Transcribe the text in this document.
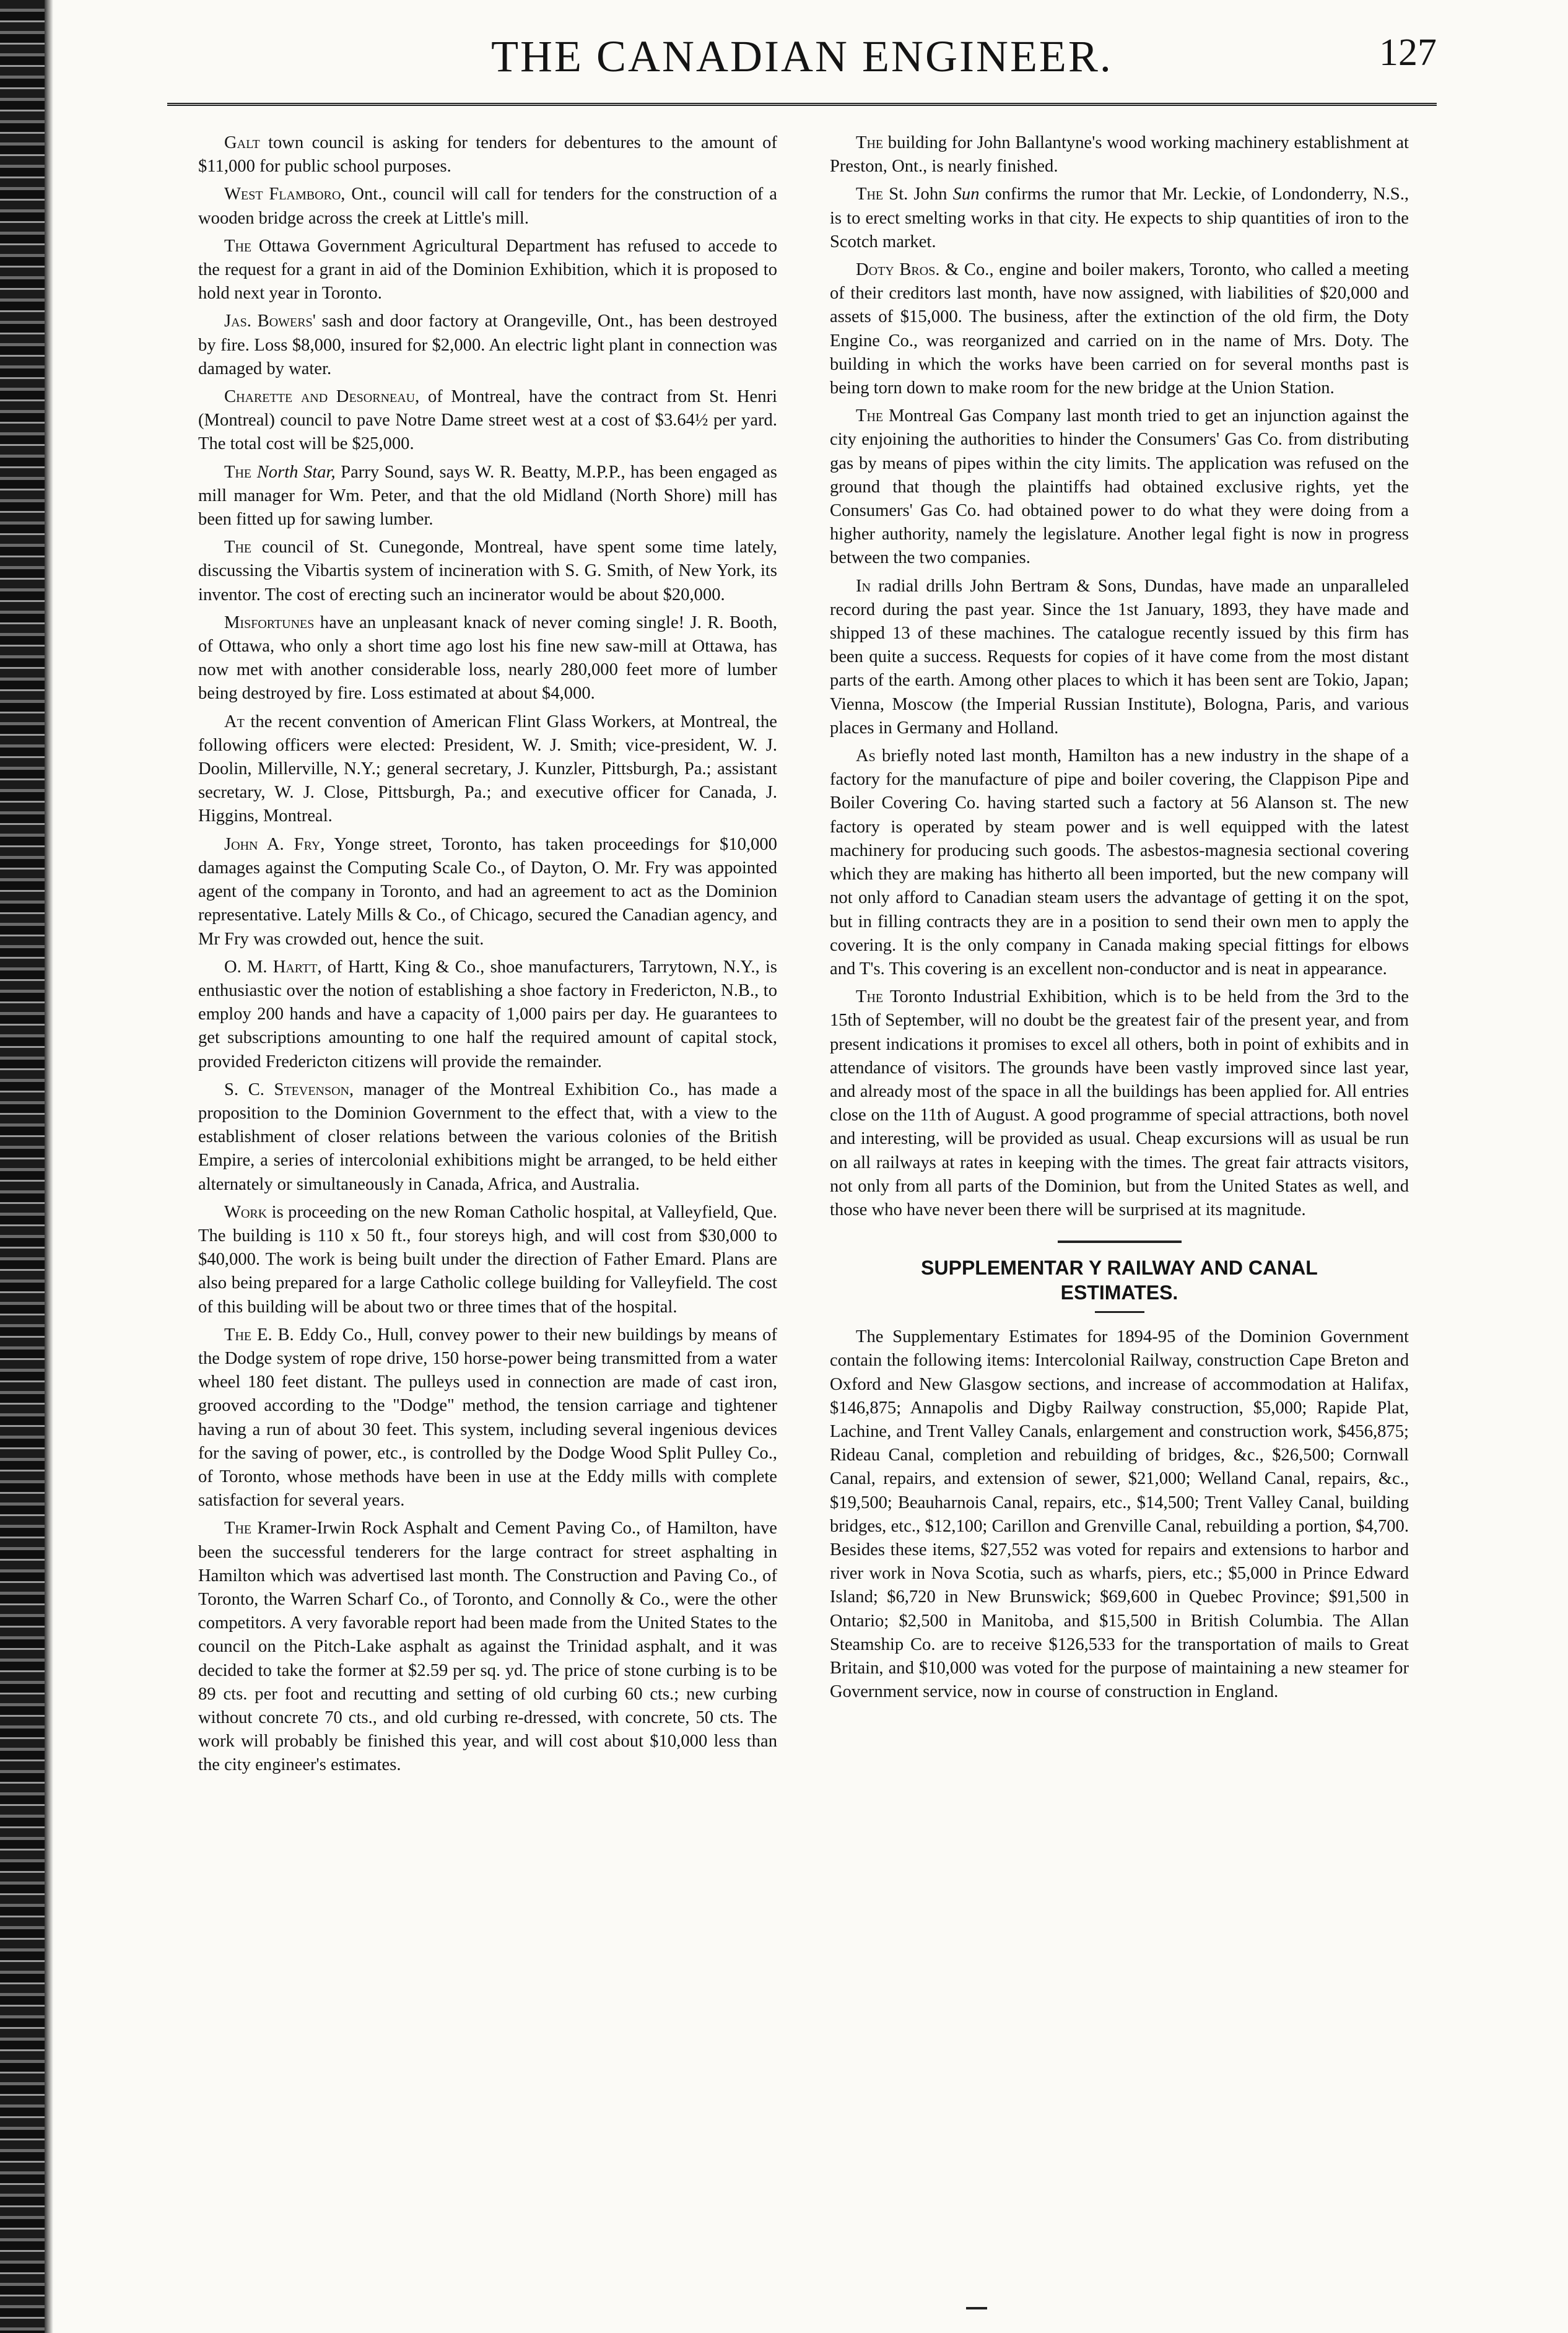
THE CANADIAN ENGINEER.	127

Galt town council is asking for tenders for debentures to the amount of $11,000 for public school purposes.

West Flamboro, Ont., council will call for tenders for the construction of a wooden bridge across the creek at Little's mill.

The Ottawa Government Agricultural Department has refused to accede to the request for a grant in aid of the Dominion Exhibition, which it is proposed to hold next year in Toronto.

Jas. Bowers' sash and door factory at Orangeville, Ont., has been destroyed by fire. Loss $8,000, insured for $2,000. An electric light plant in connection was damaged by water.

Charette and Desorneau, of Montreal, have the contract from St. Henri (Montreal) council to pave Notre Dame street west at a cost of $3.64½ per yard. The total cost will be $25,000.

The North Star, Parry Sound, says W. R. Beatty, M.P.P., has been engaged as mill manager for Wm. Peter, and that the old Midland (North Shore) mill has been fitted up for sawing lumber.

The council of St. Cunegonde, Montreal, have spent some time lately, discussing the Vibartis system of incineration with S. G. Smith, of New York, its inventor. The cost of erecting such an incinerator would be about $20,000.

Misfortunes have an unpleasant knack of never coming single! J. R. Booth, of Ottawa, who only a short time ago lost his fine new saw-mill at Ottawa, has now met with another considerable loss, nearly 280,000 feet more of lumber being destroyed by fire. Loss estimated at about $4,000.

At the recent convention of American Flint Glass Workers, at Montreal, the following officers were elected: President, W. J. Smith; vice-president, W. J. Doolin, Millerville, N.Y.; general secretary, J. Kunzler, Pittsburgh, Pa.; assistant secretary, W. J. Close, Pittsburgh, Pa.; and executive officer for Canada, J. Higgins, Montreal.

John A. Fry, Yonge street, Toronto, has taken proceedings for $10,000 damages against the Computing Scale Co., of Dayton, O. Mr. Fry was appointed agent of the company in Toronto, and had an agreement to act as the Dominion representative. Lately Mills & Co., of Chicago, secured the Canadian agency, and Mr Fry was crowded out, hence the suit.

O. M. Hartt, of Hartt, King & Co., shoe manufacturers, Tarrytown, N.Y., is enthusiastic over the notion of establishing a shoe factory in Fredericton, N.B., to employ 200 hands and have a capacity of 1,000 pairs per day. He guarantees to get subscriptions amounting to one half the required amount of capital stock, provided Fredericton citizens will provide the remainder.

S. C. Stevenson, manager of the Montreal Exhibition Co., has made a proposition to the Dominion Government to the effect that, with a view to the establishment of closer relations between the various colonies of the British Empire, a series of intercolonial exhibitions might be arranged, to be held either alternately or simultaneously in Canada, Africa, and Australia.

Work is proceeding on the new Roman Catholic hospital, at Valleyfield, Que. The building is 110 x 50 ft., four storeys high, and will cost from $30,000 to $40,000. The work is being built under the direction of Father Emard. Plans are also being prepared for a large Catholic college building for Valleyfield. The cost of this building will be about two or three times that of the hospital.

The E. B. Eddy Co., Hull, convey power to their new buildings by means of the Dodge system of rope drive, 150 horse-power being transmitted from a water wheel 180 feet distant. The pulleys used in connection are made of cast iron, grooved according to the "Dodge" method, the tension carriage and tightener having a run of about 30 feet. This system, including several ingenious devices for the saving of power, etc., is controlled by the Dodge Wood Split Pulley Co., of Toronto, whose methods have been in use at the Eddy mills with complete satisfaction for several years.

The Kramer-Irwin Rock Asphalt and Cement Paving Co., of Hamilton, have been the successful tenderers for the large contract for street asphalting in Hamilton which was advertised last month. The Construction and Paving Co., of Toronto, the Warren Scharf Co., of Toronto, and Connolly & Co., were the other competitors. A very favorable report had been made from the United States to the council on the Pitch-Lake asphalt as against the Trinidad asphalt, and it was decided to take the former at $2.59 per sq. yd. The price of stone curbing is to be 89 cts. per foot and recutting and setting of old curbing 60 cts.; new curbing without concrete 70 cts., and old curbing re-dressed, with concrete, 50 cts. The work will probably be finished this year, and will cost about $10,000 less than the city engineer's estimates.

The building for John Ballantyne's wood working machinery establishment at Preston, Ont., is nearly finished.

The St. John Sun confirms the rumor that Mr. Leckie, of Londonderry, N.S., is to erect smelting works in that city. He expects to ship quantities of iron to the Scotch market.

Doty Bros. & Co., engine and boiler makers, Toronto, who called a meeting of their creditors last month, have now assigned, with liabilities of $20,000 and assets of $15,000. The business, after the extinction of the old firm, the Doty Engine Co., was reorganized and carried on in the name of Mrs. Doty. The building in which the works have been carried on for several months past is being torn down to make room for the new bridge at the Union Station.

The Montreal Gas Company last month tried to get an injunction against the city enjoining the authorities to hinder the Consumers' Gas Co. from distributing gas by means of pipes within the city limits. The application was refused on the ground that though the plaintiffs had obtained exclusive rights, yet the Consumers' Gas Co. had obtained power to do what they were doing from a higher authority, namely the legislature. Another legal fight is now in progress between the two companies.

In radial drills John Bertram & Sons, Dundas, have made an unparalleled record during the past year. Since the 1st January, 1893, they have made and shipped 13 of these machines. The catalogue recently issued by this firm has been quite a success. Requests for copies of it have come from the most distant parts of the earth. Among other places to which it has been sent are Tokio, Japan; Vienna, Moscow (the Imperial Russian Institute), Bologna, Paris, and various places in Germany and Holland.

As briefly noted last month, Hamilton has a new industry in the shape of a factory for the manufacture of pipe and boiler covering, the Clappison Pipe and Boiler Covering Co. having started such a factory at 56 Alanson st. The new factory is operated by steam power and is well equipped with the latest machinery for producing such goods. The asbestos-magnesia sectional covering which they are making has hitherto all been imported, but the new company will not only afford to Canadian steam users the advantage of getting it on the spot, but in filling contracts they are in a position to send their own men to apply the covering. It is the only company in Canada making special fittings for elbows and T's. This covering is an excellent non-conductor and is neat in appearance.

The Toronto Industrial Exhibition, which is to be held from the 3rd to the 15th of September, will no doubt be the greatest fair of the present year, and from present indications it promises to excel all others, both in point of exhibits and in attendance of visitors. The grounds have been vastly improved since last year, and already most of the space in all the buildings has been applied for. All entries close on the 11th of August. A good programme of special attractions, both novel and interesting, will be provided as usual. Cheap excursions will as usual be run on all railways at rates in keeping with the times. The great fair attracts visitors, not only from all parts of the Dominion, but from the United States as well, and those who have never been there will be surprised at its magnitude.

SUPPLEMENTAR Y RAILWAY AND CANAL ESTIMATES.

The Supplementary Estimates for 1894-95 of the Dominion Government contain the following items: Intercolonial Railway, construction Cape Breton and Oxford and New Glasgow sections, and increase of accommodation at Halifax, $146,875; Annapolis and Digby Railway construction, $5,000; Rapide Plat, Lachine, and Trent Valley Canals, enlargement and construction work, $456,875; Rideau Canal, completion and rebuilding of bridges, &c., $26,500; Cornwall Canal, repairs, and extension of sewer, $21,000; Welland Canal, repairs, &c., $19,500; Beauharnois Canal, repairs, etc., $14,500; Trent Valley Canal, building bridges, etc., $12,100; Carillon and Grenville Canal, rebuilding a portion, $4,700. Besides these items, $27,552 was voted for repairs and extensions to harbor and river work in Nova Scotia, such as wharfs, piers, etc.; $5,000 in Prince Edward Island; $6,720 in New Brunswick; $69,600 in Quebec Province; $91,500 in Ontario; $2,500 in Manitoba, and $15,500 in British Columbia. The Allan Steamship Co. are to receive $126,533 for the transportation of mails to Great Britain, and $10,000 was voted for the purpose of maintaining a new steamer for Government service, now in course of construction in England.
